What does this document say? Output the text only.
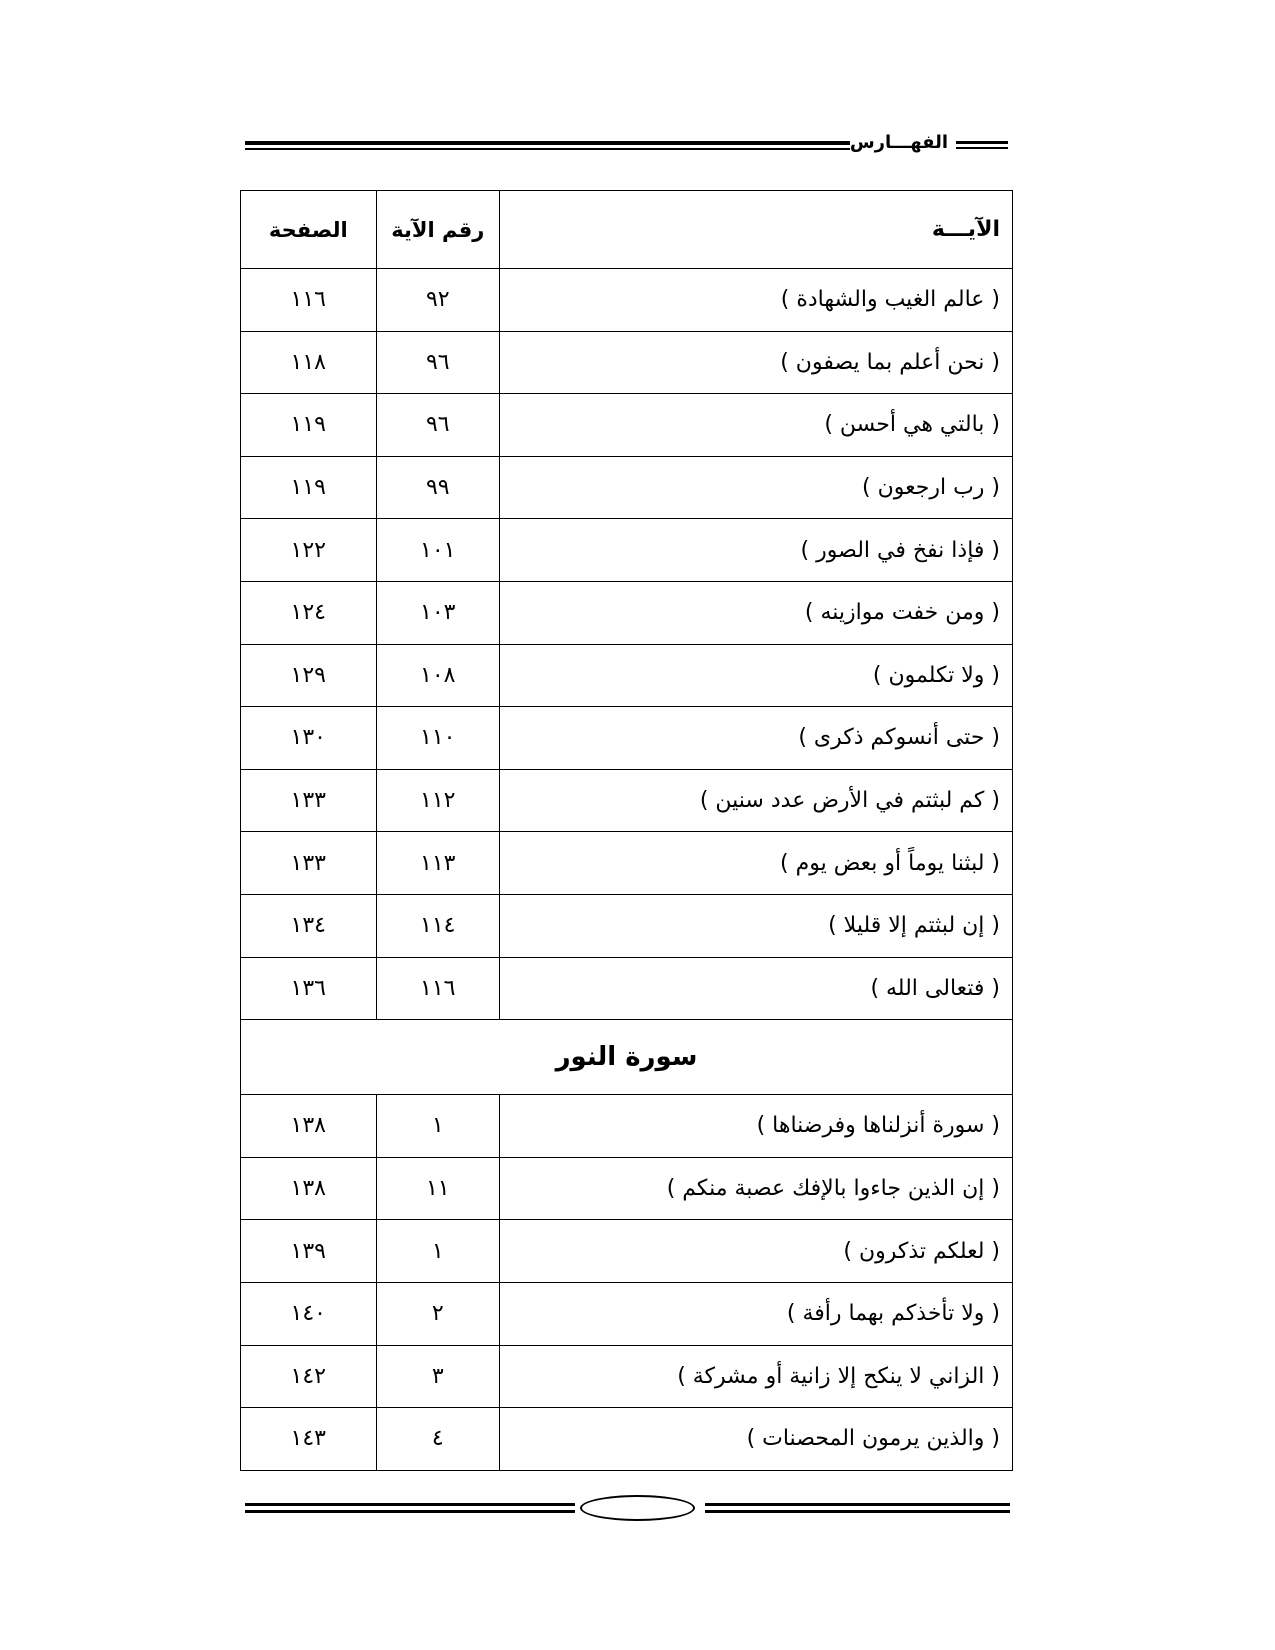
الفهـــارس
الآيـــة	رقم الآية	الصفحة
( عالم الغيب والشهادة )	٩٢	١١٦
( نحن أعلم بما يصفون )	٩٦	١١٨
( بالتي هي أحسن )	٩٦	١١٩
( رب ارجعون )	٩٩	١١٩
( فإذا نفخ في الصور )	١٠١	١٢٢
( ومن خفت موازينه )	١٠٣	١٢٤
( ولا تكلمون )	١٠٨	١٢٩
( حتى أنسوكم ذكرى )	١١٠	١٣٠
( كم لبثتم في الأرض عدد سنين )	١١٢	١٣٣
( لبثنا يوماً أو بعض يوم )	١١٣	١٣٣
( إن لبثتم إلا قليلا )	١١٤	١٣٤
( فتعالى الله )	١١٦	١٣٦
سورة النور		
( سورة أنزلناها وفرضناها )	١	١٣٨
( إن الذين جاءوا بالإفك عصبة منكم )	١١	١٣٨
( لعلكم تذكرون )	١	١٣٩
( ولا تأخذكم بهما رأفة )	٢	١٤٠
( الزاني لا ينكح إلا زانية أو مشركة )	٣	١٤٢
( والذين يرمون المحصنات )	٤	١٤٣
